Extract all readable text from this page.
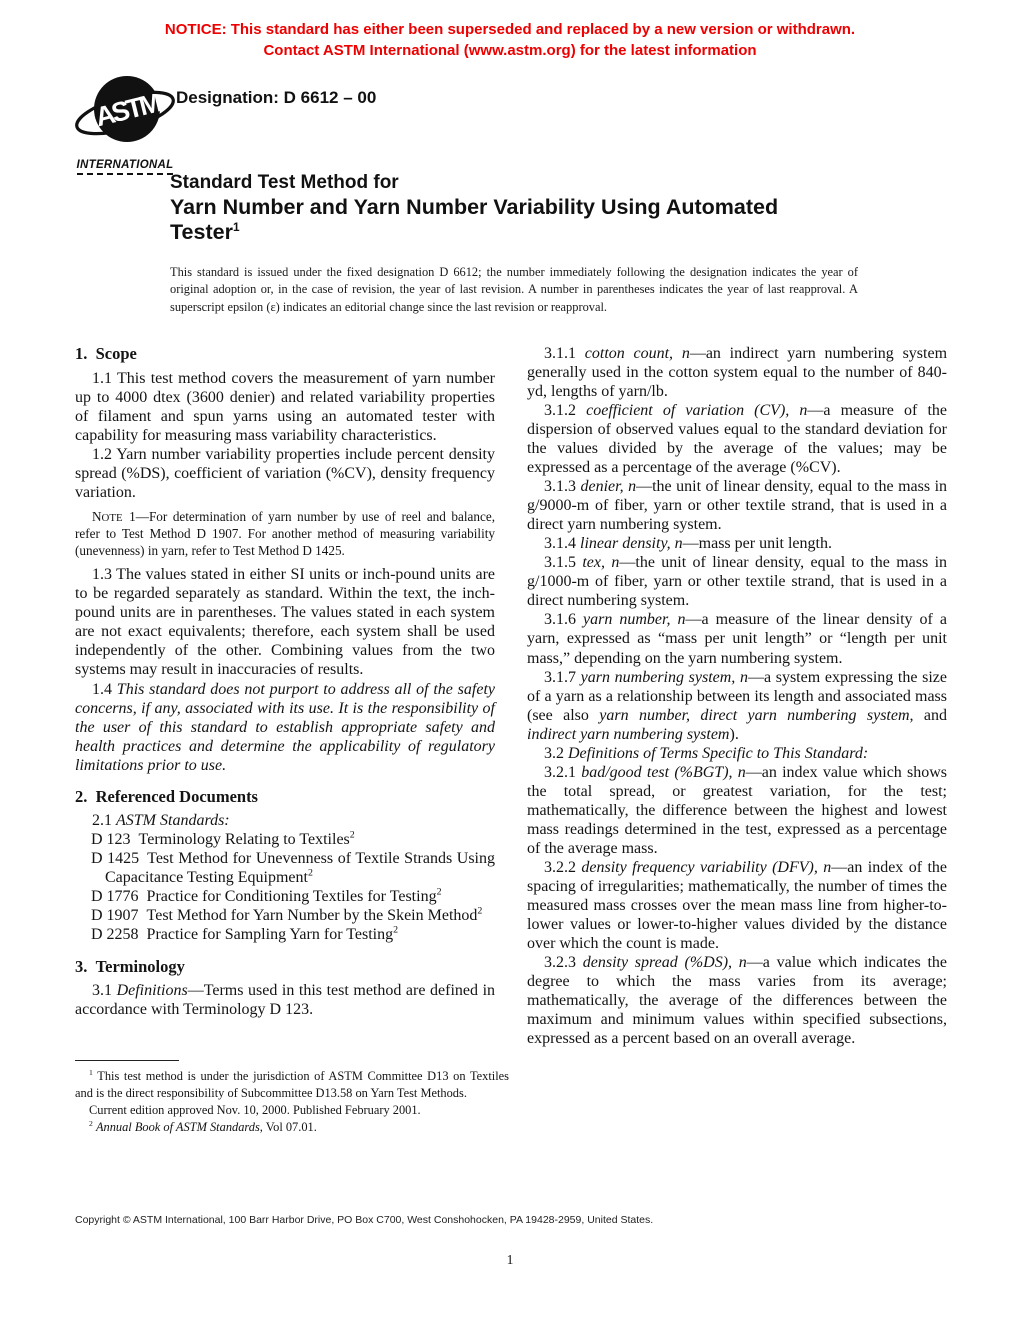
NOTICE: This standard has either been superseded and replaced by a new version or withdrawn.
Contact ASTM International (www.astm.org) for the latest information
ASTM
INTERNATIONAL
Designation: D 6612 – 00
Standard Test Method for
Yarn Number and Yarn Number Variability Using Automated
Tester$^1$
This standard is issued under the fixed designation D 6612; the number immediately following the designation indicates the year of original adoption or, in the case of revision, the year of last revision. A number in parentheses indicates the year of last reapproval. A superscript epsilon (ε) indicates an editorial change since the last revision or reapproval.
1. Scope

1.1 This test method covers the measurement of yarn number up to 4000 dtex (3600 denier) and related variability properties of filament and spun yarns using an automated tester with capability for measuring mass variability characteristics.

1.2 Yarn number variability properties include percent density spread (%DS), coefficient of variation (%CV), density frequency variation.

NOTE 1—For determination of yarn number by use of reel and balance, refer to Test Method D 1907. For another method of measuring variability (unevenness) in yarn, refer to Test Method D 1425.

1.3 The values stated in either SI units or inch-pound units are to be regarded separately as standard. Within the text, the inch-pound units are in parentheses. The values stated in each system are not exact equivalents; therefore, each system shall be used independently of the other. Combining values from the two systems may result in inaccuracies of results.

1.4 This standard does not purport to address all of the safety concerns, if any, associated with its use. It is the responsibility of the user of this standard to establish appropriate safety and health practices and determine the applicability of regulatory limitations prior to use.

2. Referenced Documents

2.1 ASTM Standards:

D 123 Terminology Relating to Textiles$^2$

D 1425 Test Method for Unevenness of Textile Strands Using Capacitance Testing Equipment$^2$

D 1776 Practice for Conditioning Textiles for Testing$^2$

D 1907 Test Method for Yarn Number by the Skein Method$^2$

D 2258 Practice for Sampling Yarn for Testing$^2$

3. Terminology

3.1 Definitions—Terms used in this test method are defined in accordance with Terminology D 123.

3.1.1 cotton count, n—an indirect yarn numbering system generally used in the cotton system equal to the number of 840-yd, lengths of yarn/lb.

3.1.2 coefficient of variation (CV), n—a measure of the dispersion of observed values equal to the standard deviation for the values divided by the average of the values; may be expressed as a percentage of the average (%CV).

3.1.3 denier, n—the unit of linear density, equal to the mass in g/9000-m of fiber, yarn or other textile strand, that is used in a direct yarn numbering system.

3.1.4 linear density, n—mass per unit length.

3.1.5 tex, n—the unit of linear density, equal to the mass in g/1000-m of fiber, yarn or other textile strand, that is used in a direct numbering system.

3.1.6 yarn number, n—a measure of the linear density of a yarn, expressed as “mass per unit length” or “length per unit mass,” depending on the yarn numbering system.

3.1.7 yarn numbering system, n—a system expressing the size of a yarn as a relationship between its length and associated mass (see also yarn number, direct yarn numbering system, and indirect yarn numbering system).

3.2 Definitions of Terms Specific to This Standard:

3.2.1 bad/good test (%BGT), n—an index value which shows the total spread, or greatest variation, for the test; mathematically, the difference between the highest and lowest mass readings determined in the test, expressed as a percentage of the average mass.

3.2.2 density frequency variability (DFV), n—an index of the spacing of irregularities; mathematically, the number of times the measured mass crosses over the mean mass line from higher-to-lower values or lower-to-higher values divided by the distance over which the count is made.

3.2.3 density spread (%DS), n—a value which indicates the degree to which the mass varies from its average; mathematically, the average of the differences between the maximum and minimum values within specified subsections, expressed as a percent based on an overall average.

$^1$ This test method is under the jurisdiction of ASTM Committee D13 on Textiles and is the direct responsibility of Subcommittee D13.58 on Yarn Test Methods.

Current edition approved Nov. 10, 2000. Published February 2001.

$^2$ Annual Book of ASTM Standards, Vol 07.01.

Copyright © ASTM International, 100 Barr Harbor Drive, PO Box C700, West Conshohocken, PA 19428-2959, United States.
1
